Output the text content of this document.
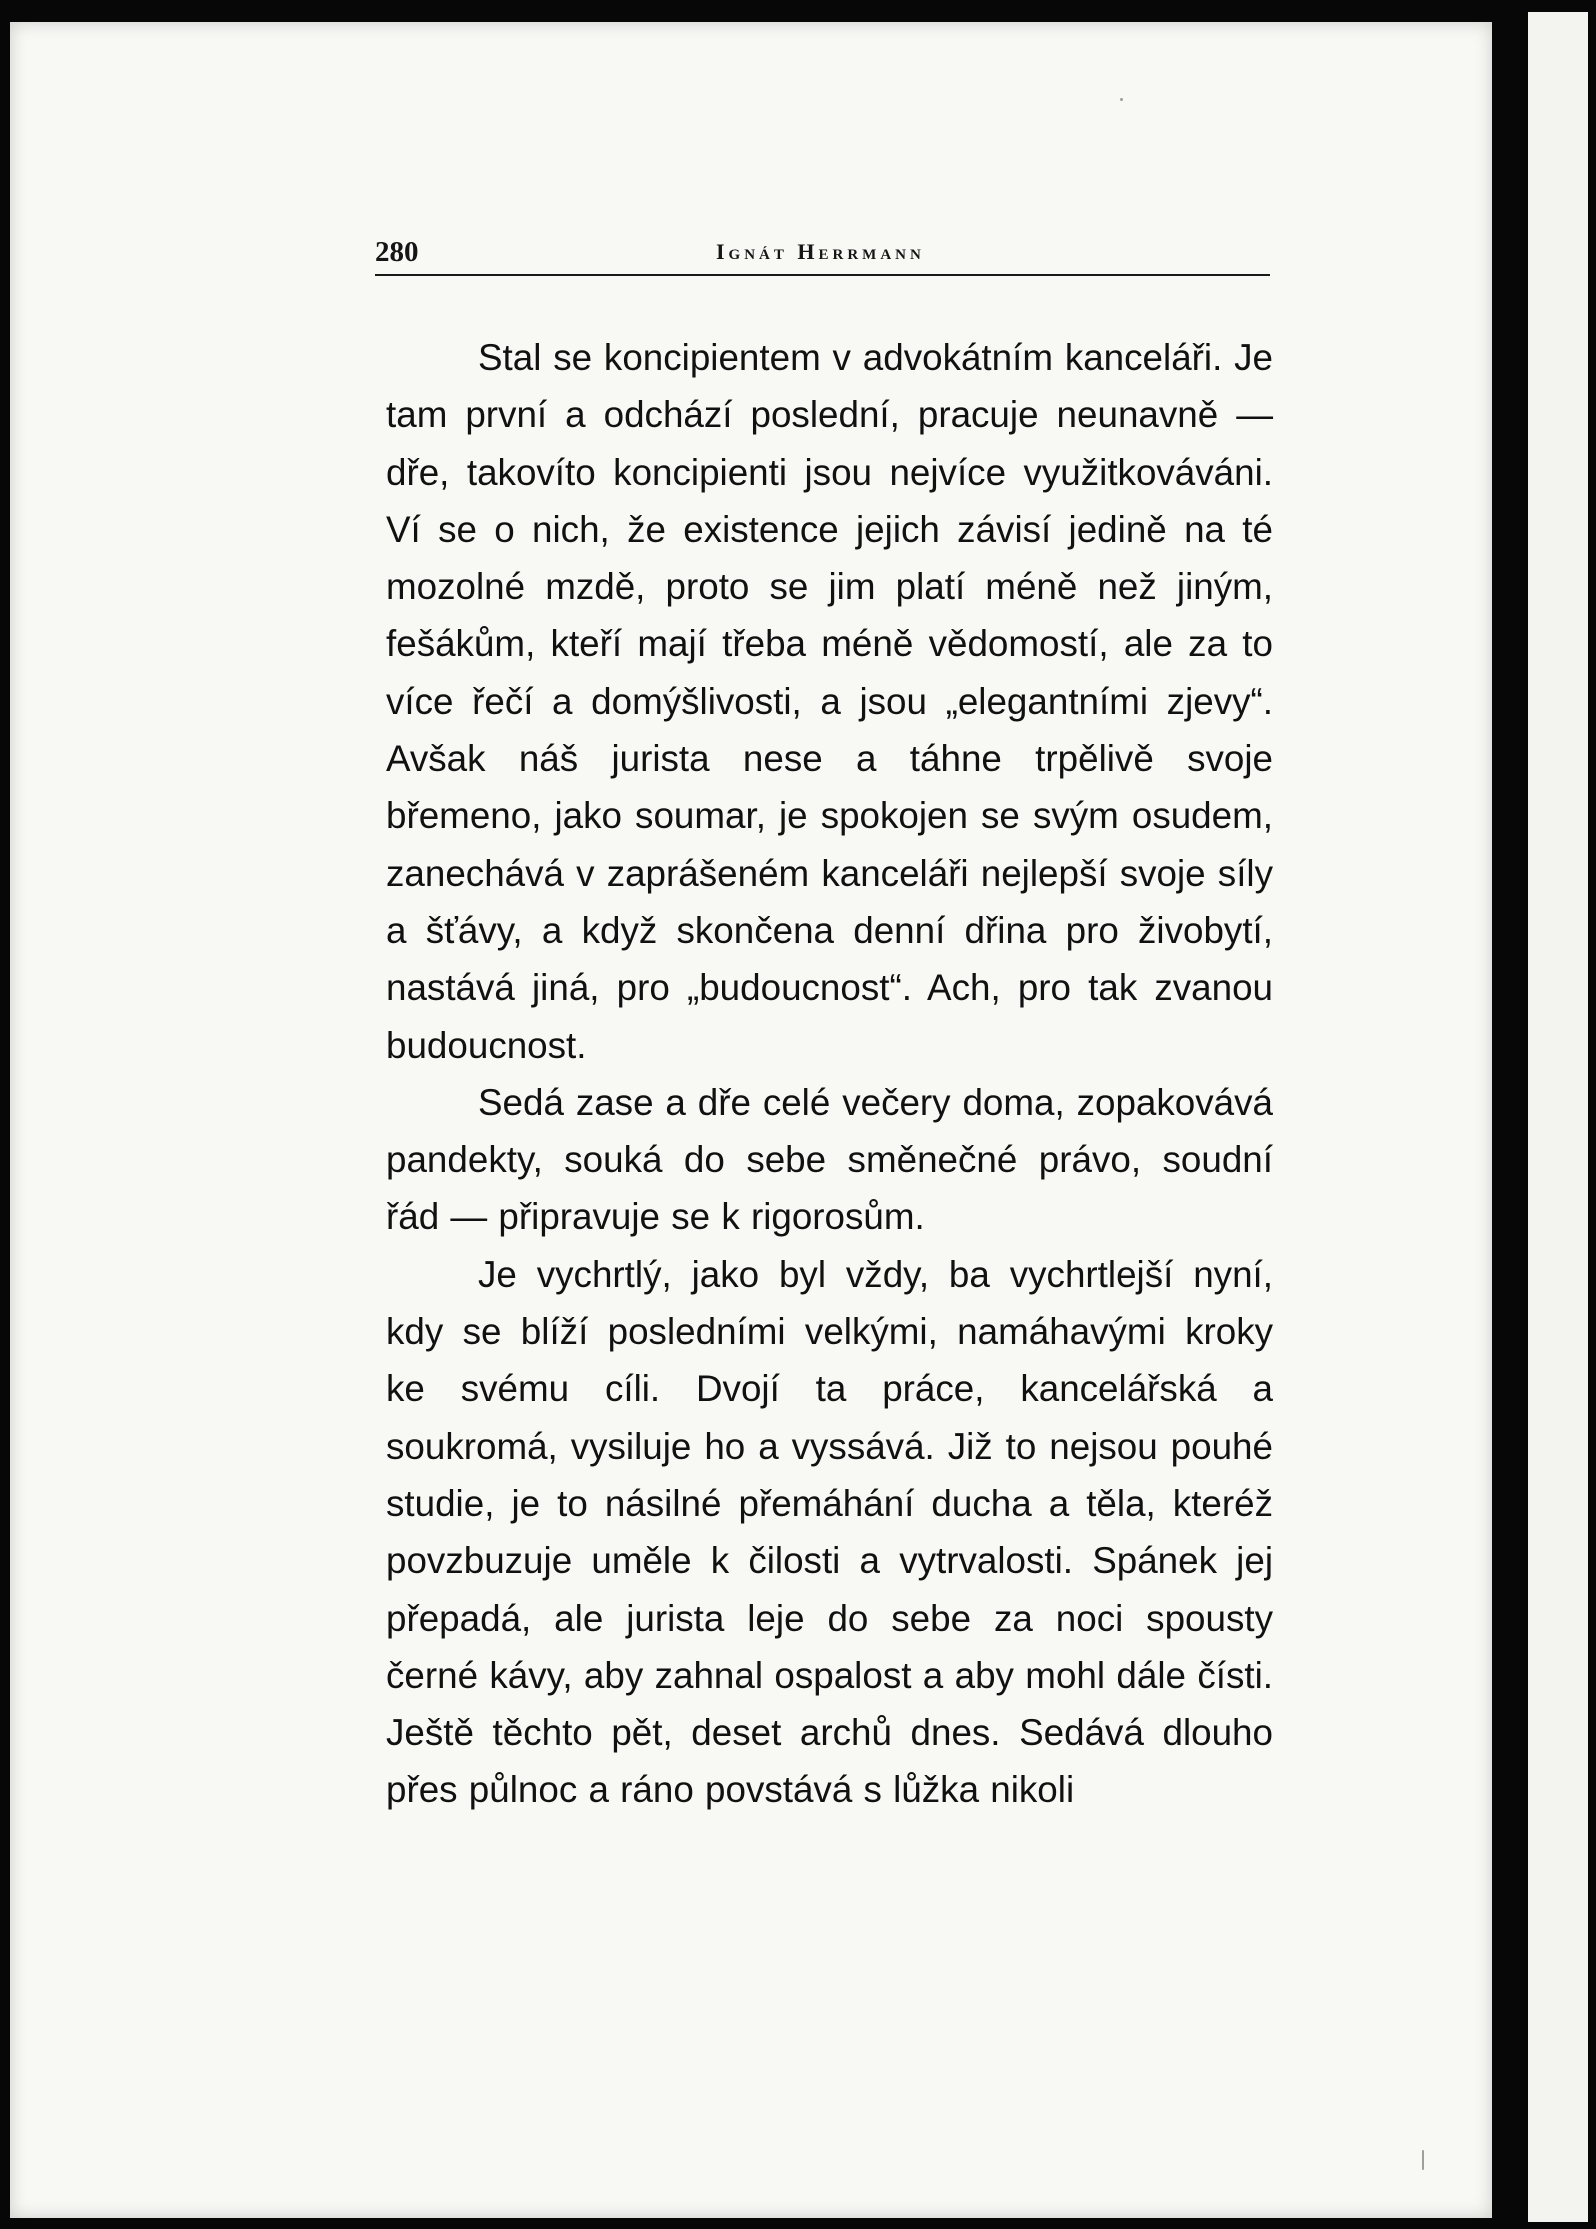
280	Ignát Herrmann

Stal se koncipientem v advokátním kanceláři. Je tam první a odchází poslední, pracuje neunavně — dře, takovíto koncipienti jsou nejvíce využitkováváni. Ví se o nich, že existence jejich závisí jedině na té mozolné mzdě, proto se jim platí méně než jiným, fešákům, kteří mají třeba méně vědomostí, ale za to více řečí a domýšlivosti, a jsou „elegantními zjevy“. Avšak náš jurista nese a táhne trpělivě svoje břemeno, jako soumar, je spokojen se svým osudem, zanechává v zaprášeném kanceláři nejlepší svoje síly a šťávy, a když skončena denní dřina pro živobytí, nastává jiná, pro „budoucnost“. Ach, pro tak zvanou budoucnost.

Sedá zase a dře celé večery doma, zopakovává pandekty, souká do sebe směnečné právo, soudní řád — připravuje se k rigorosům.

Je vychrtlý, jako byl vždy, ba vychrtlejší nyní, kdy se blíží posledními velkými, namáhavými kroky ke svému cíli. Dvojí ta práce, kancelářská a soukromá, vysiluje ho a vyssává. Již to nejsou pouhé studie, je to násilné přemáhání ducha a těla, kteréž povzbuzuje uměle k čilosti a vytrvalosti. Spánek jej přepadá, ale jurista leje do sebe za noci spousty černé kávy, aby zahnal ospalost a aby mohl dále čísti. Ještě těchto pět, deset archů dnes. Sedává dlouho přes půlnoc a ráno povstává s lůžka nikoli
